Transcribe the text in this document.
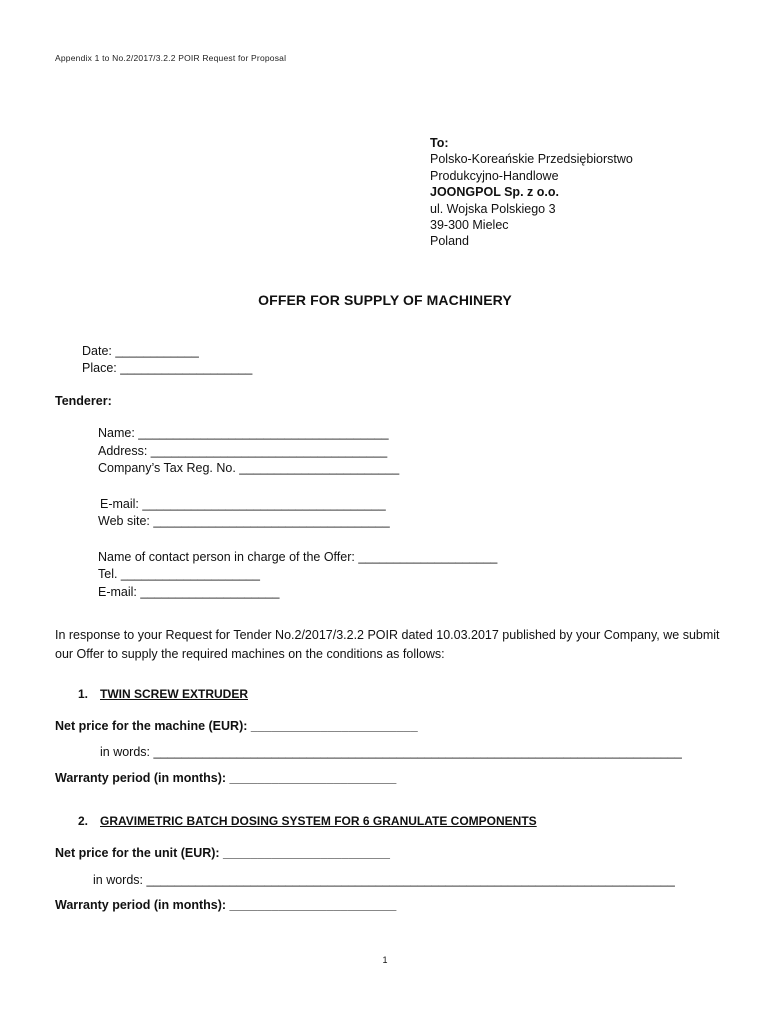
Appendix 1 to No.2/2017/3.2.2 POIR Request for Proposal
To:
Polsko-Koreańskie Przedsiębiorstwo
Produkcyjno-Handlowe
JOONGPOL Sp. z o.o.
ul. Wojska Polskiego 3
39-300 Mielec
Poland
OFFER FOR SUPPLY OF MACHINERY
Date: ____________
Place: ___________________
Tenderer:
Name: ____________________________________
Address: __________________________________
Company’s Tax Reg. No. _______________________
E-mail: ___________________________________
Web site: __________________________________
Name of contact person in charge of the Offer: ____________________
Tel. ____________________
E-mail: ____________________
In response to your Request for Tender No.2/2017/3.2.2 POIR dated 10.03.2017 published by your Company, we submit our Offer to supply the required machines on the conditions as follows:
1. TWIN SCREW EXTRUDER
Net price for the machine (EUR): ________________________
in words: ____________________________________________________________________________
Warranty period (in months): ________________________
2. GRAVIMETRIC BATCH DOSING SYSTEM FOR 6 GRANULATE COMPONENTS
Net price for the unit (EUR): ________________________
in words: ____________________________________________________________________________
Warranty period (in months): ________________________
1
